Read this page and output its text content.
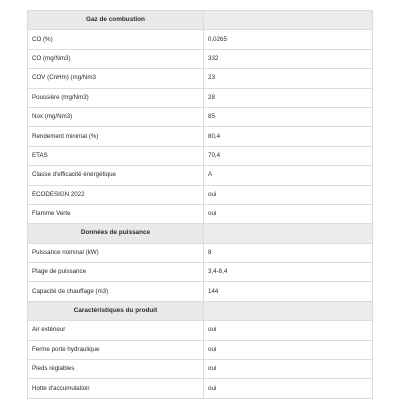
Gaz de combustion	
CO (%)	0,0265
CO (mg/Nm3)	332
COV (CnHm) (mg/Nm3	23
Poussière (mg/Nm3)	28
Nox (mg/Nm3)	85
Rendement minimal (%)	80,4
ETAS	70,4
Classe d'efficacité énergétique	A
ECODESIGN 2022	oui
Flamme Verte	oui
Données de puissance	
Puissance nominal (kW)	8
Plage de puissance	3,4-8,4
Capacité de chauffage (m3)	144
Caractéristiques du produit	
Air extérieur	oui
Ferme porte hydraulique	oui
Pieds réglables	oui
Hotte d'accumulation	oui
